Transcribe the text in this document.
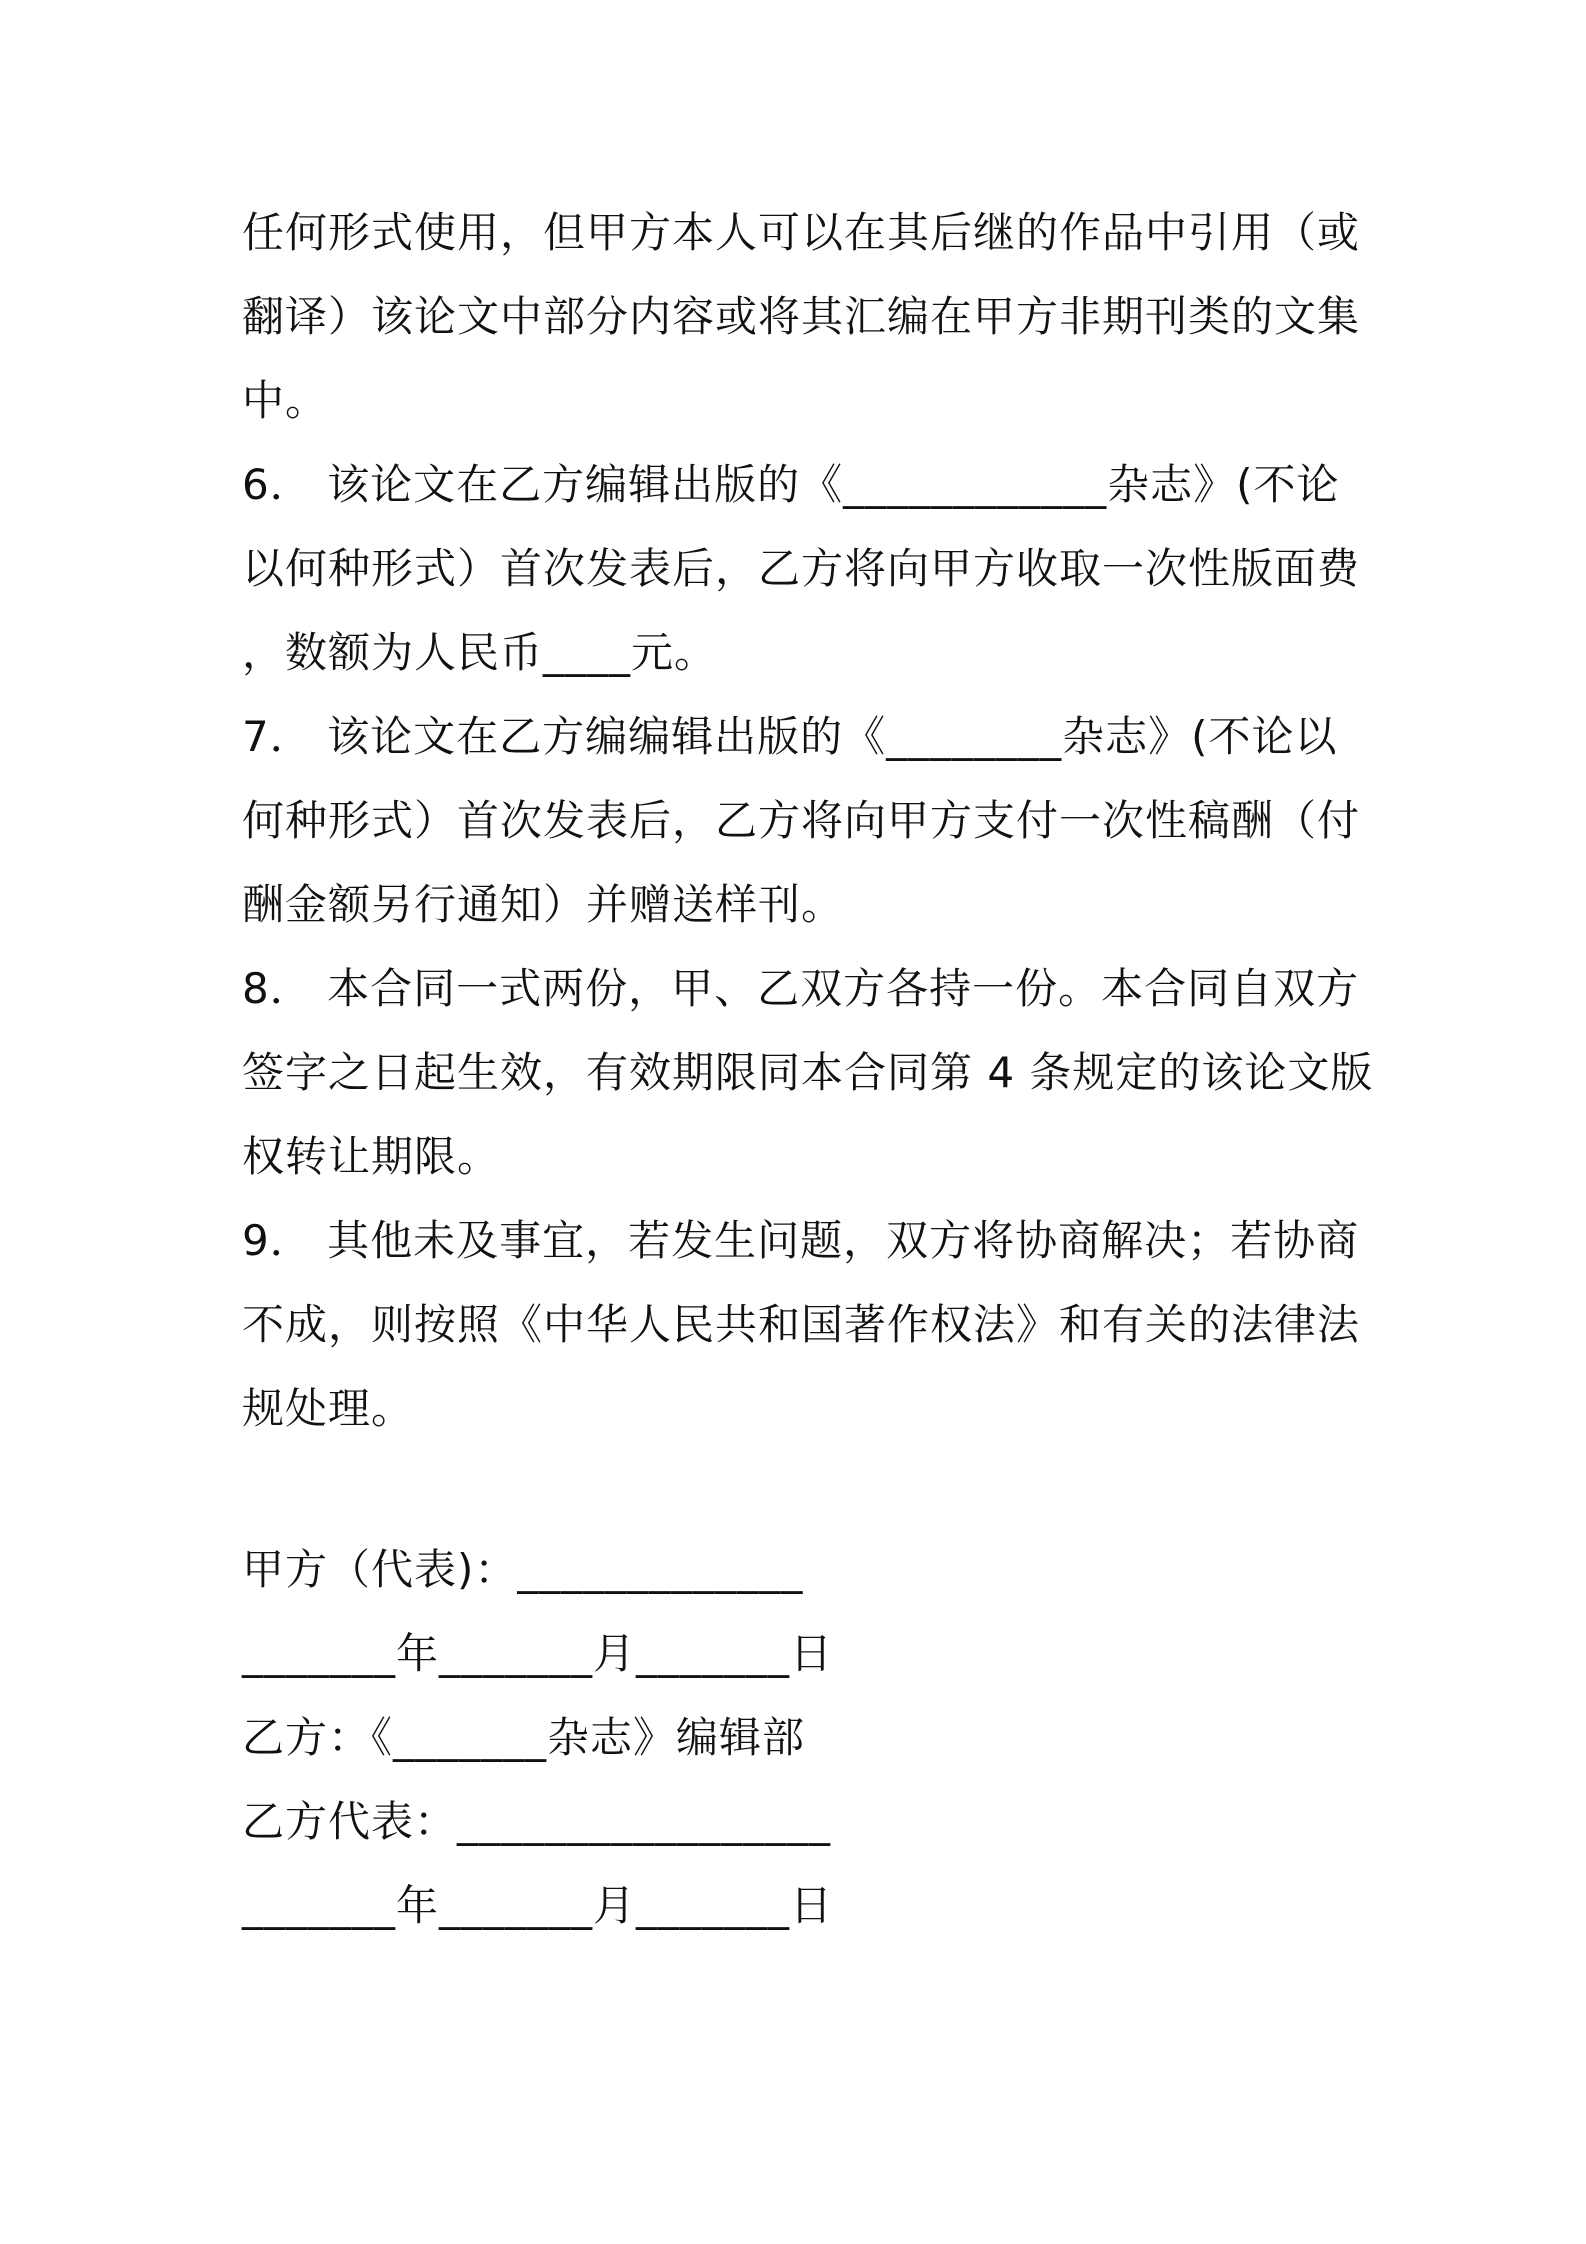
任何形式使用，但甲方本人可以在其后继的作品中引用（或

翻译）该论文中部分内容或将其汇编在甲方非期刊类的文集

中。

6． 该论文在乙方编辑出版的《____________杂志》(不论

以何种形式）首次发表后，乙方将向甲方收取一次性版面费

，数额为人民币____元。

7． 该论文在乙方编编辑出版的《________杂志》(不论以

何种形式）首次发表后，乙方将向甲方支付一次性稿酬（付

酬金额另行通知）并赠送样刊。

8． 本合同一式两份，甲、乙双方各持一份。本合同自双方

签字之日起生效，有效期限同本合同第 4 条规定的该论文版

权转让期限。

9． 其他未及事宜，若发生问题，双方将协商解决；若协商

不成，则按照《中华人民共和国著作权法》和有关的法律法

规处理。

甲方（代表)：_____________

_______年_______月_______日

乙方：《_______杂志》编辑部

乙方代表：_________________

_______年_______月_______日
